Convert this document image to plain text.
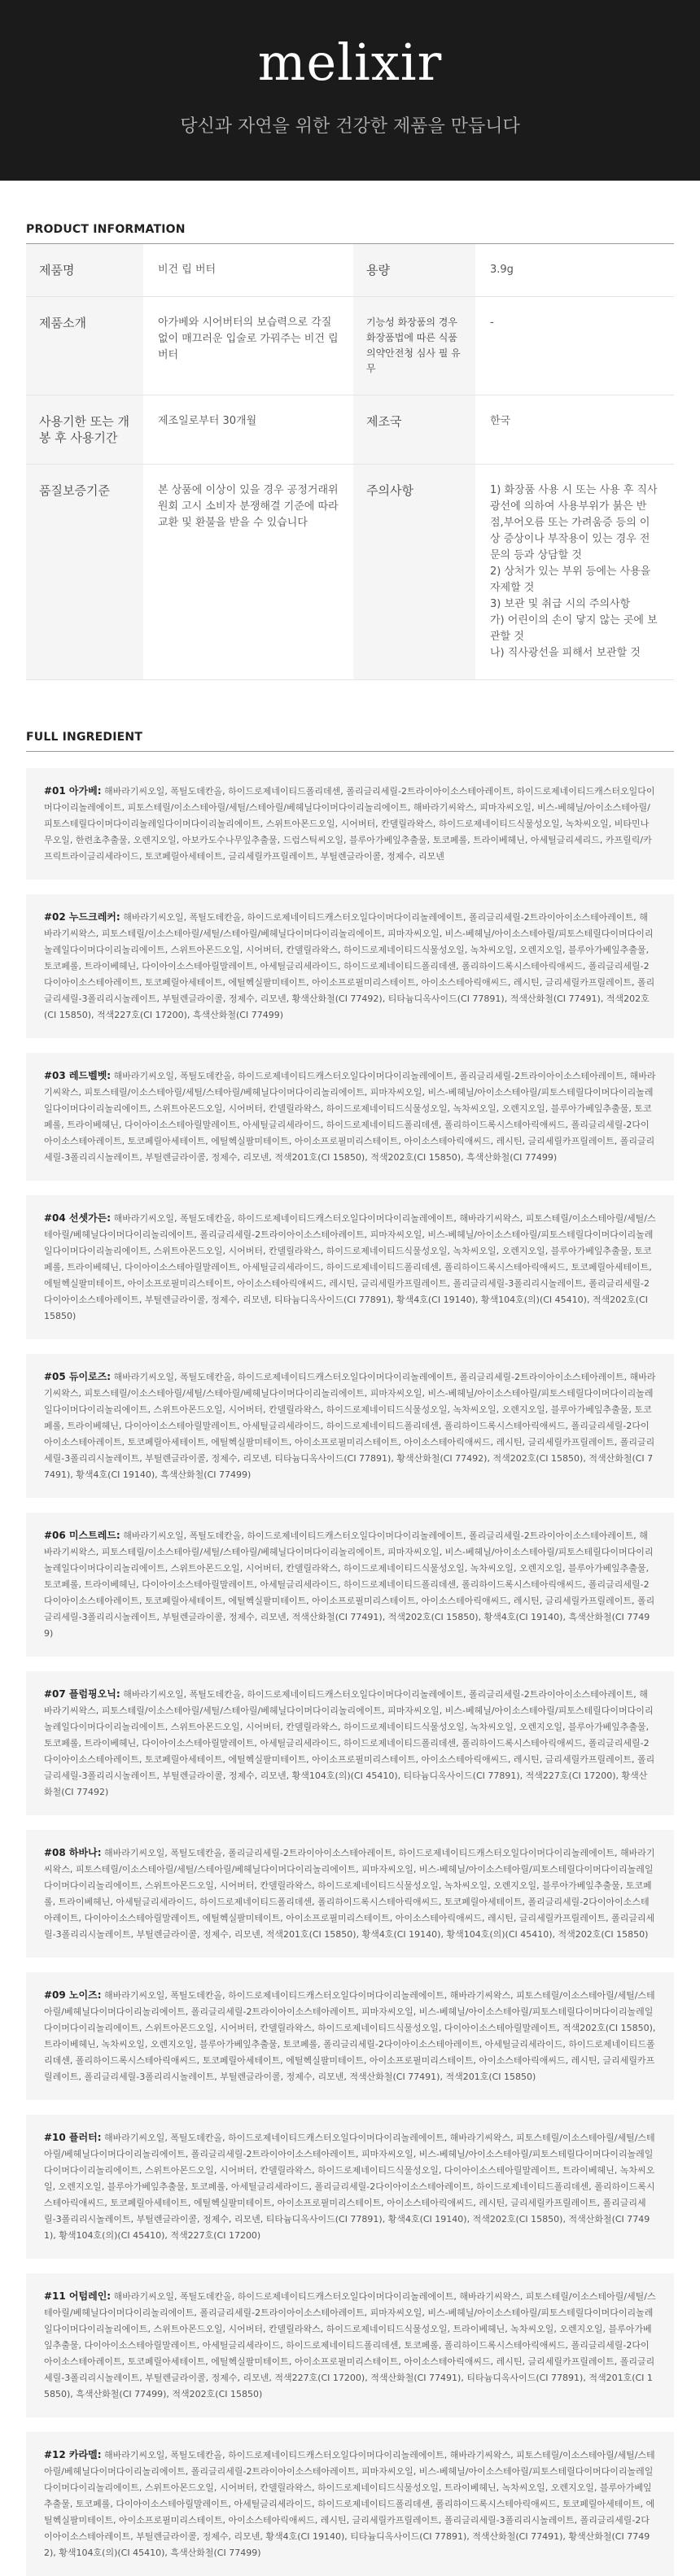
melixir
당신과 자연을 위한 건강한 제품을 만듭니다
PRODUCT INFORMATION
제품명	비건 립 버터	용량	3.9g
제품소개	아가베와 시어버터의 보습력으로 각질 없이 매끄러운 입술로 가꿔주는 비건 립 버터	기능성 화장품의 경우 화장품법에 따른 식품의약안전청 심사 필 유무	-
사용기한 또는 개봉 후 사용기간	제조일로부터 30개월	제조국	한국
품질보증기준	본 상품에 이상이 있을 경우 공정거래위원회 고시 소비자 분쟁해결 기준에 따라 교환 및 환불을 받을 수 있습니다	주의사항	1) 화장품 사용 시 또는 사용 후 직사광선에 의하여 사용부위가 붉은 반점,부어오름 또는 가려움증 등의 이상 증상이나 부작용이 있는 경우 전문의 등과 상담할 것

2) 상처가 있는 부위 등에는 사용을 자제할 것

3) 보관 및 취급 시의 주의사항

가) 어린이의 손이 닿지 않는 곳에 보관할 것

나) 직사광선을 피해서 보관할 것

FULL INGREDIENT
#01 아가베: 해바라기씨오일, 폭틸도데칸올, 하이드로제네이티드폴리데센, 폴리글리세릴-2트라이아이소스테아레이트, 하이드로제네이티드캐스터오일다이머다이리놀레에이트, 피토스테릴/이소스테아릴/세틸/스테아릴/베헤닐다이머다이리놀리에이트, 해바라기씨왁스, 피마자씨오일, 비스-베헤닐/아이소스테아릴/피토스테릴다이머다이리놀레일다이머다이리놀리에이트, 스위트아몬드오일, 시어버터, 칸델릴라왁스, 하이드로제네이티드식물성오일, 녹차씨오일, 비타민나무오일, 한련초추출물, 오렌지오일, 아보카도수나무잎추출물, 드럼스틱씨오일, 블루아가베잎추출물, 토코페롤, 트라이베헤닌, 아세틸글리세리드, 카프릴릭/카프릭트라이글리세라이드, 토코페릴아세테이트, 글리세릴카프릴레이트, 부틸렌글라이콜, 정제수, 리모넨
#02 누드크레커: 해바라기씨오일, 폭틸도데칸올, 하이드로제네이티드캐스터오일다이머다이리놀레에이트, 폴리글리세릴-2트라이아이소스테아레이트, 해바라기씨왁스, 피토스테릴/이소스테아릴/세틸/스테아릴/베헤닐다이머다이리놀리에이트, 피마자씨오일, 비스-베헤닐/아이소스테아릴/피토스테릴다이머다이리놀레일다이머다이리놀리에이트, 스위트아몬드오일, 시어버터, 칸델릴라왁스, 하이드로제네이티드식물성오일, 녹차씨오일, 오렌지오일, 블루아가베잎추출물, 토코페롤, 트라이베헤닌, 다이아이소스테아릴말레이트, 아세틸글리세라이드, 하이드로제네이티드폴리데센, 폴리하이드록시스테아릭애씨드, 폴리글리세릴-2다이아이소스테아레이트, 토코페릴아세테이트, 에틸헥실팔미테이트, 아이소프로필미리스테이트, 아이소스테아릭애씨드, 레시틴, 글리세릴카프릴레이트, 폴리글리세릴-3폴리리시놀레이트, 부틸렌글라이콜, 정제수, 리모넨, 황색산화철(CI 77492), 티타늄디옥사이드(CI 77891), 적색산화철(CI 77491), 적색202호(CI 15850), 적색227호(CI 17200), 흑색산화철(CI 77499)
#03 레드벨벳: 해바라기씨오일, 폭틸도데칸올, 하이드로제네이티드캐스터오일다이머다이리놀레에이트, 폴리글리세릴-2트라이아이소스테아레이트, 해바라기씨왁스, 피토스테릴/이소스테아릴/세틸/스테아릴/베헤닐다이머다이리놀리에이트, 피마자씨오일, 비스-베헤닐/아이소스테아릴/피토스테릴다이머다이리놀레일다이머다이리놀리에이트, 스위트아몬드오일, 시어버터, 칸델릴라왁스, 하이드로제네이티드식물성오일, 녹차씨오일, 오렌지오일, 블루아가베잎추출물, 토코페롤, 트라이베헤닌, 다이아이소스테아릴말레이트, 아세틸글리세라이드, 하이드로제네이티드폴리데센, 폴리하이드록시스테아릭애씨드, 폴리글리세릴-2다이아이소스테아레이트, 토코페릴아세테이트, 에틸헥실팔미테이트, 아이소프로필미리스테이트, 아이소스테아릭애씨드, 레시틴, 글리세릴카프릴레이트, 폴리글리세릴-3폴리리시놀레이트, 부틸렌글라이콜, 정제수, 리모넨, 적색201호(CI 15850), 적색202호(CI 15850), 흑색산화철(CI 77499)
#04 선셋가든: 해바라기씨오일, 폭틸도데칸올, 하이드로제네이티드캐스터오일다이머다이리놀레에이트, 해바라기씨왁스, 피토스테릴/이소스테아릴/세틸/스테아릴/베헤닐다이머다이리놀리에이트, 폴리글리세릴-2트라이아이소스테아레이트, 피마자씨오일, 비스-베헤닐/아이소스테아릴/피토스테릴다이머다이리놀레일다이머다이리놀리에이트, 스위트아몬드오일, 시어버터, 칸델릴라왁스, 하이드로제네이티드식물성오일, 녹차씨오일, 오렌지오일, 블루아가베잎추출물, 토코페롤, 트라이베헤닌, 다이아이소스테아릴말레이트, 아세틸글리세라이드, 하이드로제네이티드폴리데센, 폴리하이드록시스테아릭애씨드, 토코페릴아세테이트, 에틸헥실팔미테이트, 아이소프로필미리스테이트, 아이소스테아릭애씨드, 레시틴, 글리세릴카프릴레이트, 폴리글리세릴-3폴리리시놀레이트, 폴리글리세릴-2다이아이소스테아레이트, 부틸렌글라이콜, 정제수, 리모넨, 티타늄디옥사이드(CI 77891), 황색4호(CI 19140), 황색104호(의)(CI 45410), 적색202호(CI 15850)
#05 듀이로즈: 해바라기씨오일, 폭틸도데칸올, 하이드로제네이티드캐스터오일다이머다이리놀레에이트, 폴리글리세릴-2트라이아이소스테아레이트, 해바라기씨왁스, 피토스테릴/이소스테아릴/세틸/스테아릴/베헤닐다이머다이리놀리에이트, 피마자씨오일, 비스-베헤닐/아이소스테아릴/피토스테릴다이머다이리놀레일다이머다이리놀리에이트, 스위트아몬드오일, 시어버터, 칸델릴라왁스, 하이드로제네이티드식물성오일, 녹차씨오일, 오렌지오일, 블루아가베잎추출물, 토코페롤, 트라이베헤닌, 다이아이소스테아릴말레이트, 아세틸글리세라이드, 하이드로제네이티드폴리데센, 폴리하이드록시스테아릭애씨드, 폴리글리세릴-2다이아이소스테아레이트, 토코페릴아세테이트, 에틸헥실팔미테이트, 아이소프로필미리스테이트, 아이소스테아릭애씨드, 레시틴, 글리세릴카프릴레이트, 폴리글리세릴-3폴리리시놀레이트, 부틸렌글라이콜, 정제수, 리모넨, 티타늄디옥사이드(CI 77891), 황색산화철(CI 77492), 적색202호(CI 15850), 적색산화철(CI 77491), 황색4호(CI 19140), 흑색산화철(CI 77499)
#06 미스트레드: 해바라기씨오일, 폭틸도데칸올, 하이드로제네이티드캐스터오일다이머다이리놀레에이트, 폴리글리세릴-2트라이아이소스테아레이트, 해바라기씨왁스, 피토스테릴/이소스테아릴/세틸/스테아릴/베헤닐다이머다이리놀리에이트, 피마자씨오일, 비스-베헤닐/아이소스테아릴/피토스테릴다이머다이리놀레일다이머다이리놀리에이트, 스위트아몬드오일, 시어버터, 칸델릴라왁스, 하이드로제네이티드식물성오일, 녹차씨오일, 오렌지오일, 블루아가베잎추출물, 토코페롤, 트라이베헤닌, 다이아이소스테아릴말레이트, 아세틸글리세라이드, 하이드로제네이티드폴리데센, 폴리하이드록시스테아릭애씨드, 폴리글리세릴-2다이아이소스테아레이트, 토코페릴아세테이트, 에틸헥실팔미테이트, 아이소프로필미리스테이트, 아이소스테아릭애씨드, 레시틴, 글리세릴카프릴레이트, 폴리글리세릴-3폴리리시놀레이트, 부틸렌글라이콜, 정제수, 리모넨, 적색산화철(CI 77491), 적색202호(CI 15850), 황색4호(CI 19140), 흑색산화철(CI 77499)
#07 플럼핑오닉: 해바라기씨오일, 폭틸도데칸올, 하이드로제네이티드캐스터오일다이머다이리놀레에이트, 폴리글리세릴-2트라이아이소스테아레이트, 해바라기씨왁스, 피토스테릴/이소스테아릴/세틸/스테아릴/베헤닐다이머다이리놀리에이트, 피마자씨오일, 비스-베헤닐/아이소스테아릴/피토스테릴다이머다이리놀레일다이머다이리놀리에이트, 스위트아몬드오일, 시어버터, 칸델릴라왁스, 하이드로제네이티드식물성오일, 녹차씨오일, 오렌지오일, 블루아가베잎추출물, 토코페롤, 트라이베헤닌, 다이아이소스테아릴말레이트, 아세틸글리세라이드, 하이드로제네이티드폴리데센, 폴리하이드록시스테아릭애씨드, 폴리글리세릴-2다이아이소스테아레이트, 토코페릴아세테이트, 에틸헥실팔미테이트, 아이소프로필미리스테이트, 아이소스테아릭애씨드, 레시틴, 글리세릴카프릴레이트, 폴리글리세릴-3폴리리시놀레이트, 부틸렌글라이콜, 정제수, 리모넨, 황색104호(의)(CI 45410), 티타늄디옥사이드(CI 77891), 적색227호(CI 17200), 황색산화철(CI 77492)
#08 하바나: 해바라기씨오일, 폭틸도데칸올, 폴리글리세릴-2트라이아이소스테아레이트, 하이드로제네이티드캐스터오일다이머다이리놀레에이트, 해바라기씨왁스, 피토스테릴/이소스테아릴/세틸/스테아릴/베헤닐다이머다이리놀리에이트, 피마자씨오일, 비스-베헤닐/아이소스테아릴/피토스테릴다이머다이리놀레일다이머다이리놀리에이트, 스위트아몬드오일, 시어버터, 칸델릴라왁스, 하이드로제네이티드식물성오일, 녹차씨오일, 오렌지오일, 블루아가베잎추출물, 토코페롤, 트라이베헤닌, 아세틸글리세라이드, 하이드로제네이티드폴리데센, 폴리하이드록시스테아릭애씨드, 토코페릴아세테이트, 폴리글리세릴-2다이아이소스테아레이트, 다이아이소스테아릴말레이트, 에틸헥실팔미테이트, 아이소프로필미리스테이트, 아이소스테아릭애씨드, 레시틴, 글리세릴카프릴레이트, 폴리글리세릴-3폴리리시놀레이트, 부틸렌글라이콜, 정제수, 리모넨, 적색201호(CI 15850), 황색4호(CI 19140), 황색104호(의)(CI 45410), 적색202호(CI 15850)
#09 노이즈: 해바라기씨오일, 폭틸도데칸올, 하이드로제네이티드캐스터오일다이머다이리놀레에이트, 해바라기씨왁스, 피토스테릴/이소스테아릴/세틸/스테아릴/베헤닐다이머다이리놀리에이트, 폴리글리세릴-2트라이아이소스테아레이트, 피마자씨오일, 비스-베헤닐/아이소스테아릴/피토스테릴다이머다이리놀레일다이머다이리놀리에이트, 스위트아몬드오일, 시어버터, 칸델릴라왁스, 하이드로제네이티드식물성오일, 다이아이소스테아릴말레이트, 적색202호(CI 15850), 트라이베헤닌, 녹차씨오일, 오렌지오일, 블루아가베잎추출물, 토코페롤, 폴리글리세릴-2다이아이소스테아레이트, 아세틸글리세라이드, 하이드로제네이티드폴리데센, 폴리하이드록시스테아릭애씨드, 토코페릴아세테이트, 에틸헥실팔미테이트, 아이소프로필미리스테이트, 아이소스테아릭애씨드, 레시틴, 글리세릴카프릴레이트, 폴리글리세릴-3폴리리시놀레이트, 부틸렌글라이콜, 정제수, 리모넨, 적색산화철(CI 77491), 적색201호(CI 15850)
#10 플러터: 해바라기씨오일, 폭틸도데칸올, 하이드로제네이티드캐스터오일다이머다이리놀레에이트, 해바라기씨왁스, 피토스테릴/이소스테아릴/세틸/스테아릴/베헤닐다이머다이리놀리에이트, 폴리글리세릴-2트라이아이소스테아레이트, 피마자씨오일, 비스-베헤닐/아이소스테아릴/피토스테릴다이머다이리놀레일다이머다이리놀리에이트, 스위트아몬드오일, 시어버터, 칸델릴라왁스, 하이드로제네이티드식물성오일, 다이아이소스테아릴말레이트, 트라이베헤닌, 녹차씨오일, 오렌지오일, 블루아가베잎추출물, 토코페롤, 아세틸글리세라이드, 폴리글리세릴-2다이아이소스테아레이트, 하이드로제네이티드폴리데센, 폴리하이드록시스테아릭애씨드, 토코페릴아세테이트, 에틸헥실팔미테이트, 아이소프로필미리스테이트, 아이소스테아릭애씨드, 레시틴, 글리세릴카프릴레이트, 폴리글리세릴-3폴리리시놀레이트, 부틸렌글라이콜, 정제수, 리모넨, 티타늄디옥사이드(CI 77891), 황색4호(CI 19140), 적색202호(CI 15850), 적색산화철(CI 77491), 황색104호(의)(CI 45410), 적색227호(CI 17200)
#11 어텀레인: 해바라기씨오일, 폭틸도데칸올, 하이드로제네이티드캐스터오일다이머다이리놀레에이트, 해바라기씨왁스, 피토스테릴/이소스테아릴/세틸/스테아릴/베헤닐다이머다이리놀리에이트, 폴리글리세릴-2트라이아이소스테아레이트, 피마자씨오일, 비스-베헤닐/아이소스테아릴/피토스테릴다이머다이리놀레일다이머다이리놀리에이트, 스위트아몬드오일, 시어버터, 칸델릴라왁스, 하이드로제네이티드식물성오일, 트라이베헤닌, 녹차씨오일, 오렌지오일, 블루아가베잎추출물, 다이아이소스테아릴말레이트, 아세틸글리세라이드, 하이드로제네이티드폴리데센, 토코페롤, 폴리하이드록시스테아릭애씨드, 폴리글리세릴-2다이아이소스테아레이트, 토코페릴아세테이트, 에틸헥실팔미테이트, 아이소프로필미리스테이트, 아이소스테아릭애씨드, 레시틴, 글리세릴카프릴레이트, 폴리글리세릴-3폴리리시놀레이트, 부틸렌글라이콜, 정제수, 리모넨, 적색227호(CI 17200), 적색산화철(CI 77491), 티타늄디옥사이드(CI 77891), 적색201호(CI 15850), 흑색산화철(CI 77499), 적색202호(CI 15850)
#12 카라멜: 해바라기씨오일, 폭틸도데칸올, 하이드로제네이티드캐스터오일다이머다이리놀레에이트, 해바라기씨왁스, 피토스테릴/이소스테아릴/세틸/스테아릴/베헤닐다이머다이리놀리에이트, 폴리글리세릴-2트라이아이소스테아레이트, 피마자씨오일, 비스-베헤닐/아이소스테아릴/피토스테릴다이머다이리놀레일다이머다이리놀리에이트, 스위트아몬드오일, 시어버터, 칸델릴라왁스, 하이드로제네이티드식물성오일, 트라이베헤닌, 녹차씨오일, 오렌지오일, 블루아가베잎추출물, 토코페롤, 다이아이소스테아릴말레이트, 아세틸글리세라이드, 하이드로제네이티드폴리데센, 폴리하이드록시스테아릭애씨드, 토코페릴아세테이트, 에틸헥실팔미테이트, 아이소프로필미리스테이트, 아이소스테아릭애씨드, 레시틴, 글리세릴카프릴레이트, 폴리글리세릴-3폴리리시놀레이트, 폴리글리세릴-2다이아이소스테아레이트, 부틸렌글라이콜, 정제수, 리모넨, 황색4호(CI 19140), 티타늄디옥사이드(CI 77891), 적색산화철(CI 77491), 황색산화철(CI 77492), 황색104호(의)(CI 45410), 흑색산화철(CI 77499)
